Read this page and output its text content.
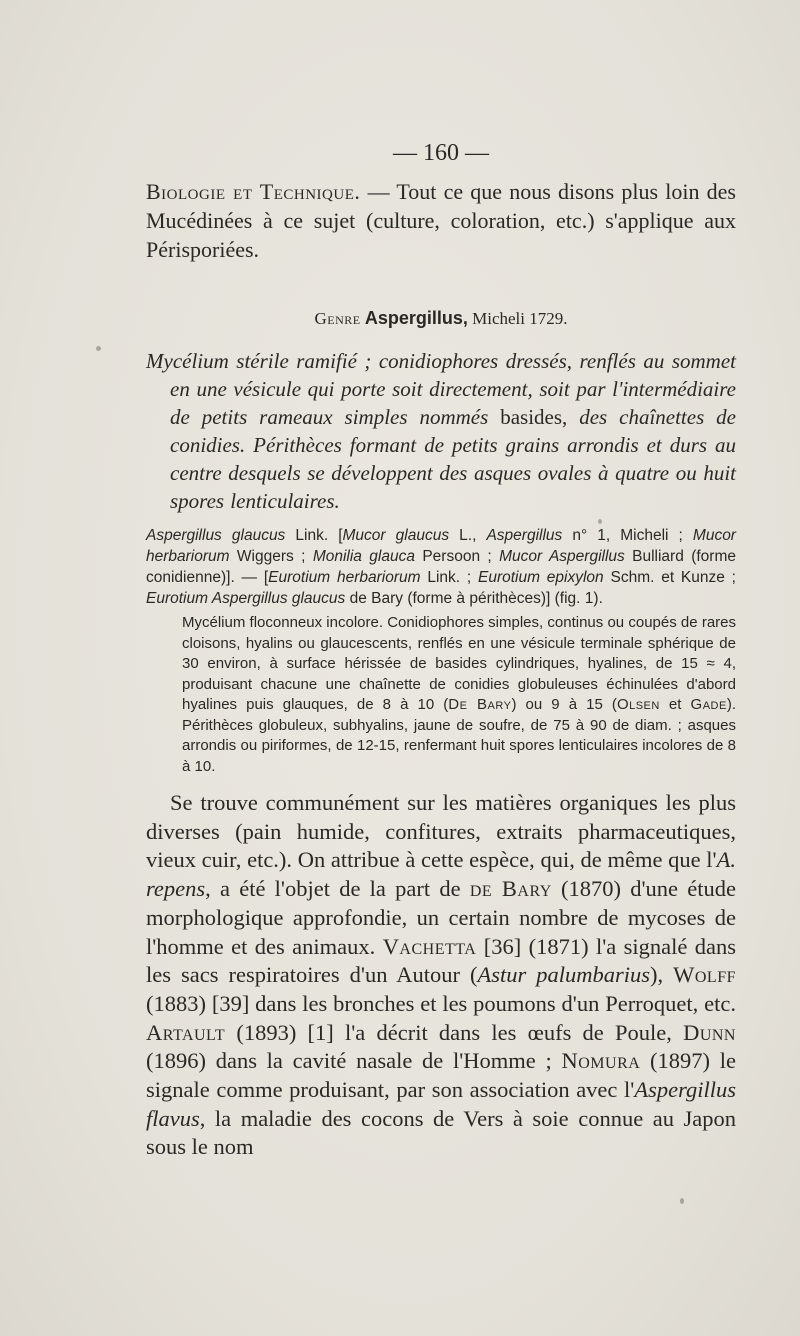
— 160 —

Biologie et Technique. — Tout ce que nous disons plus loin des Mucédinées à ce sujet (culture, coloration, etc.) s'applique aux Périsporiées.

Genre Aspergillus, Micheli 1729.

Mycélium stérile ramifié ; conidiophores dressés, renflés au sommet en une vésicule qui porte soit directement, soit par l'intermédiaire de petits rameaux simples nommés basides, des chaînettes de conidies. Périthèces formant de petits grains arrondis et durs au centre desquels se développent des asques ovales à quatre ou huit spores lenticulaires.

Aspergillus glaucus Link. [Mucor glaucus L., Aspergillus n° 1, Micheli ; Mucor herbariorum Wiggers ; Monilia glauca Persoon ; Mucor Aspergillus Bulliard (forme conidienne)]. — [Eurotium herbariorum Link. ; Eurotium epixylon Schm. et Kunze ; Eurotium Aspergillus glaucus de Bary (forme à périthèces)] (fig. 1).

Mycélium floconneux incolore. Conidiophores simples, continus ou coupés de rares cloisons, hyalins ou glaucescents, renflés en une vésicule terminale sphérique de 30 environ, à surface hérissée de basides cylindriques, hyalines, de 15 ≈ 4, produisant chacune une chaînette de conidies globuleuses échinulées d'abord hyalines puis glauques, de 8 à 10 (De Bary) ou 9 à 15 (Olsen et Gade). Périthèces globuleux, subhyalins, jaune de soufre, de 75 à 90 de diam. ; asques arrondis ou piriformes, de 12-15, renfermant huit spores lenticulaires incolores de 8 à 10.

Se trouve communément sur les matières organiques les plus diverses (pain humide, confitures, extraits pharmaceutiques, vieux cuir, etc.). On attribue à cette espèce, qui, de même que l'A. repens, a été l'objet de la part de de Bary (1870) d'une étude morphologique approfondie, un certain nombre de mycoses de l'homme et des animaux. Vachetta [36] (1871) l'a signalé dans les sacs respiratoires d'un Autour (Astur palumbarius), Wolff (1883) [39] dans les bronches et les poumons d'un Perroquet, etc. Artault (1893) [1] l'a décrit dans les œufs de Poule, Dunn (1896) dans la cavité nasale de l'Homme ; Nomura (1897) le signale comme produisant, par son association avec l'Aspergillus flavus, la maladie des cocons de Vers à soie connue au Japon sous le nom
